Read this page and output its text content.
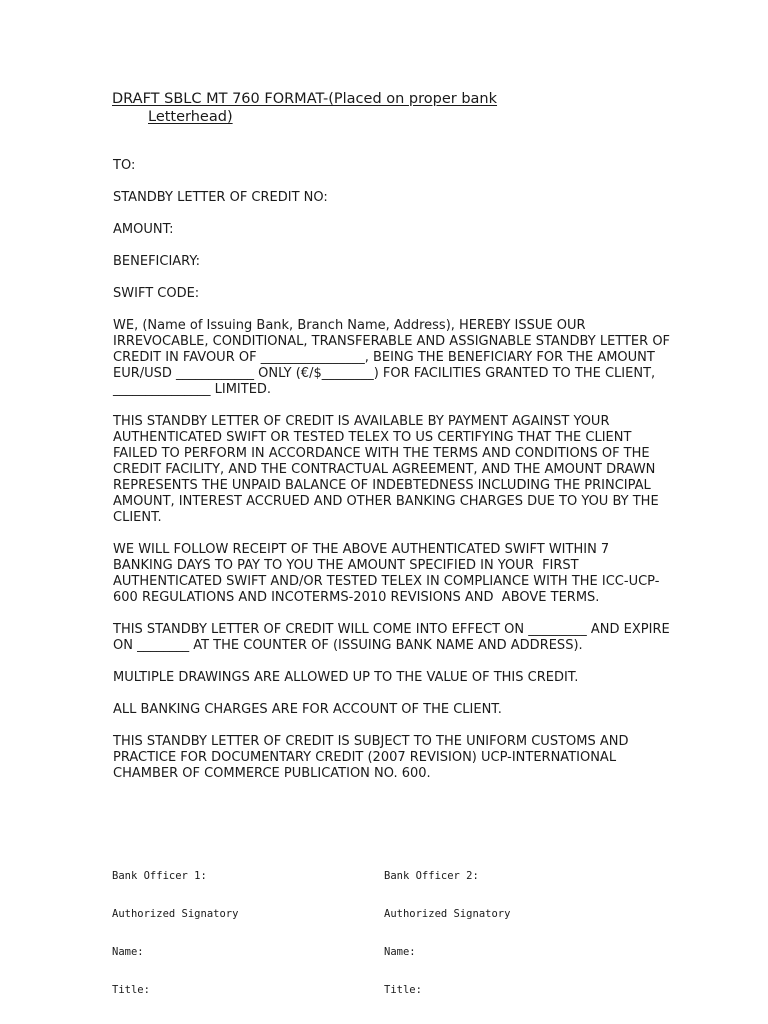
DRAFT SBLC MT 760 FORMAT-(Placed on proper bank
Letterhead)
TO:
STANDBY LETTER OF CREDIT NO:
AMOUNT:
BENEFICIARY:
SWIFT CODE:

WE, (Name of Issuing Bank, Branch Name, Address), HEREBY ISSUE OUR IRREVOCABLE, CONDITIONAL, TRANSFERABLE AND ASSIGNABLE STANDBY LETTER OF CREDIT IN FAVOUR OF ________________, BEING THE BENEFICIARY FOR THE AMOUNT EUR/USD ____________ ONLY (€/$________) FOR FACILITIES GRANTED TO THE CLIENT, _______________ LIMITED.

THIS STANDBY LETTER OF CREDIT IS AVAILABLE BY PAYMENT AGAINST YOUR AUTHENTICATED SWIFT OR TESTED TELEX TO US CERTIFYING THAT THE CLIENT FAILED TO PERFORM IN ACCORDANCE WITH THE TERMS AND CONDITIONS OF THE CREDIT FACILITY, AND THE CONTRACTUAL AGREEMENT, AND THE AMOUNT DRAWN REPRESENTS THE UNPAID BALANCE OF INDEBTEDNESS INCLUDING THE PRINCIPAL AMOUNT, INTEREST ACCRUED AND OTHER BANKING CHARGES DUE TO YOU BY THE CLIENT.

WE WILL FOLLOW RECEIPT OF THE ABOVE AUTHENTICATED SWIFT WITHIN 7 BANKING DAYS TO PAY TO YOU THE AMOUNT SPECIFIED IN YOUR  FIRST AUTHENTICATED SWIFT AND/OR TESTED TELEX IN COMPLIANCE WITH THE ICC-UCP-600 REGULATIONS AND INCOTERMS-2010 REVISIONS AND  ABOVE TERMS.

THIS STANDBY LETTER OF CREDIT WILL COME INTO EFFECT ON _________ AND EXPIRE ON ________ AT THE COUNTER OF (ISSUING BANK NAME AND ADDRESS).

MULTIPLE DRAWINGS ARE ALLOWED UP TO THE VALUE OF THIS CREDIT.

ALL BANKING CHARGES ARE FOR ACCOUNT OF THE CLIENT.

THIS STANDBY LETTER OF CREDIT IS SUBJECT TO THE UNIFORM CUSTOMS AND PRACTICE FOR DOCUMENTARY CREDIT (2007 REVISION) UCP-INTERNATIONAL CHAMBER OF COMMERCE PUBLICATION NO. 600.

Bank Officer 1:

Authorized Signatory

Name:

Title:

Bank Officer 2:

Authorized Signatory

Name:

Title:
